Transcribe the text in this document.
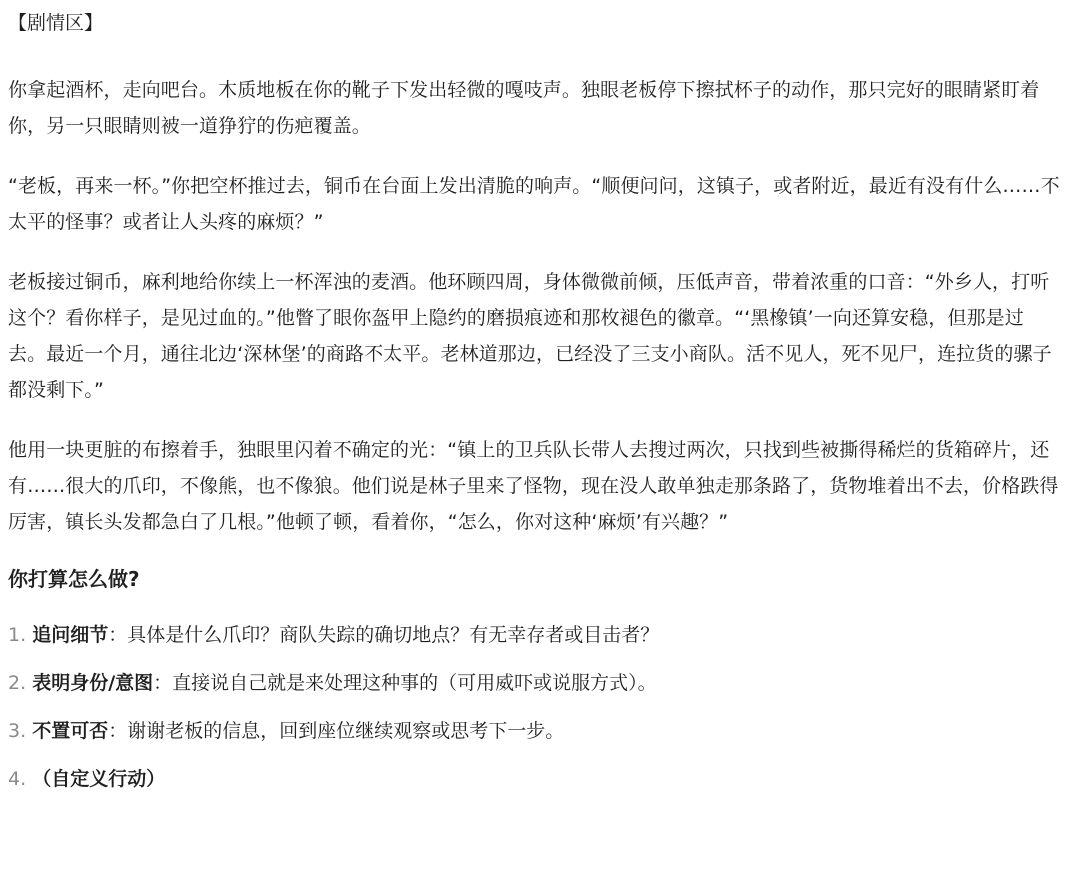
【剧情区】

你拿起酒杯，走向吧台。木质地板在你的靴子下发出轻微的嘎吱声。独眼老板停下擦拭杯子的动作，那只完好的眼睛紧盯着你，另一只眼睛则被一道狰狞的伤疤覆盖。

“老板，再来一杯。”你把空杯推过去，铜币在台面上发出清脆的响声。“顺便问问，这镇子，或者附近，最近有没有什么……不太平的怪事？或者让人头疼的麻烦？”

老板接过铜币，麻利地给你续上一杯浑浊的麦酒。他环顾四周，身体微微前倾，压低声音，带着浓重的口音：“外乡人，打听这个？看你样子，是见过血的。”他瞥了眼你盔甲上隐约的磨损痕迹和那枚褪色的徽章。“‘黑橡镇’一向还算安稳，但那是过去。最近一个月，通往北边‘深林堡’的商路不太平。老林道那边，已经没了三支小商队。活不见人，死不见尸，连拉货的骡子都没剩下。”

他用一块更脏的布擦着手，独眼里闪着不确定的光：“镇上的卫兵队长带人去搜过两次，只找到些被撕得稀烂的货箱碎片，还有……很大的爪印，不像熊，也不像狼。他们说是林子里来了怪物，现在没人敢单独走那条路了，货物堆着出不去，价格跌得厉害，镇长头发都急白了几根。”他顿了顿，看着你，“怎么，你对这种‘麻烦’有兴趣？”

你打算怎么做?
1. 追问细节：具体是什么爪印？商队失踪的确切地点？有无幸存者或目击者？
2. 表明身份/意图：直接说自己就是来处理这种事的（可用威吓或说服方式）。
3. 不置可否：谢谢老板的信息，回到座位继续观察或思考下一步。
4. （自定义行动）
